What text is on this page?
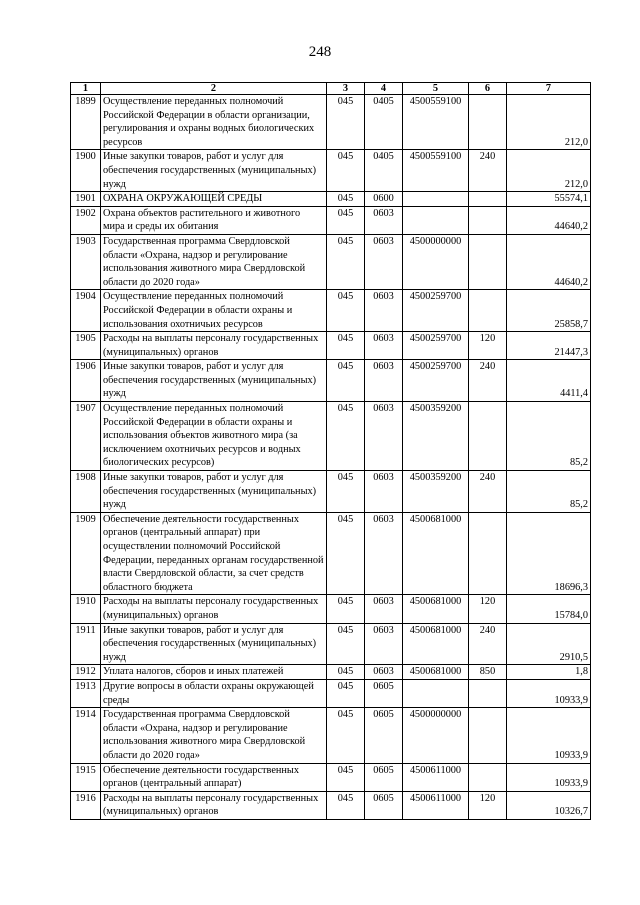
248
1	2	3	4	5	6	7
1899	Осуществление переданных полномочий Российской Федерации в области организации, регулирования и охраны водных биологических ресурсов	045	0405	4500559100		212,0
1900	Иные закупки товаров, работ и услуг для обеспечения государственных (муниципальных) нужд	045	0405	4500559100	240	212,0
1901	ОХРАНА ОКРУЖАЮЩЕЙ СРЕДЫ	045	0600			55574,1
1902	Охрана объектов растительного и животного мира и среды их обитания	045	0603			44640,2
1903	Государственная программа Свердловской области «Охрана, надзор и регулирование использования животного мира Свердловской области до 2020 года»	045	0603	4500000000		44640,2
1904	Осуществление переданных полномочий Российской Федерации в области охраны и использования охотничьих ресурсов	045	0603	4500259700		25858,7
1905	Расходы на выплаты персоналу государственных (муниципальных) органов	045	0603	4500259700	120	21447,3
1906	Иные закупки товаров, работ и услуг для обеспечения государственных (муниципальных) нужд	045	0603	4500259700	240	4411,4
1907	Осуществление переданных полномочий Российской Федерации в области охраны и использования объектов животного мира (за исключением охотничьих ресурсов и водных биологических ресурсов)	045	0603	4500359200		85,2
1908	Иные закупки товаров, работ и услуг для обеспечения государственных (муниципальных) нужд	045	0603	4500359200	240	85,2
1909	Обеспечение деятельности государственных органов (центральный аппарат) при осуществлении полномочий Российской Федерации, переданных органам государственной власти Свердловской области, за счет средств областного бюджета	045	0603	4500681000		18696,3
1910	Расходы на выплаты персоналу государственных (муниципальных) органов	045	0603	4500681000	120	15784,0
1911	Иные закупки товаров, работ и услуг для обеспечения государственных (муниципальных) нужд	045	0603	4500681000	240	2910,5
1912	Уплата налогов, сборов и иных платежей	045	0603	4500681000	850	1,8
1913	Другие вопросы в области охраны окружающей среды	045	0605			10933,9
1914	Государственная программа Свердловской области «Охрана, надзор и регулирование использования животного мира Свердловской области до 2020 года»	045	0605	4500000000		10933,9
1915	Обеспечение деятельности государственных органов (центральный аппарат)	045	0605	4500611000		10933,9
1916	Расходы на выплаты персоналу государственных (муниципальных) органов	045	0605	4500611000	120	10326,7
